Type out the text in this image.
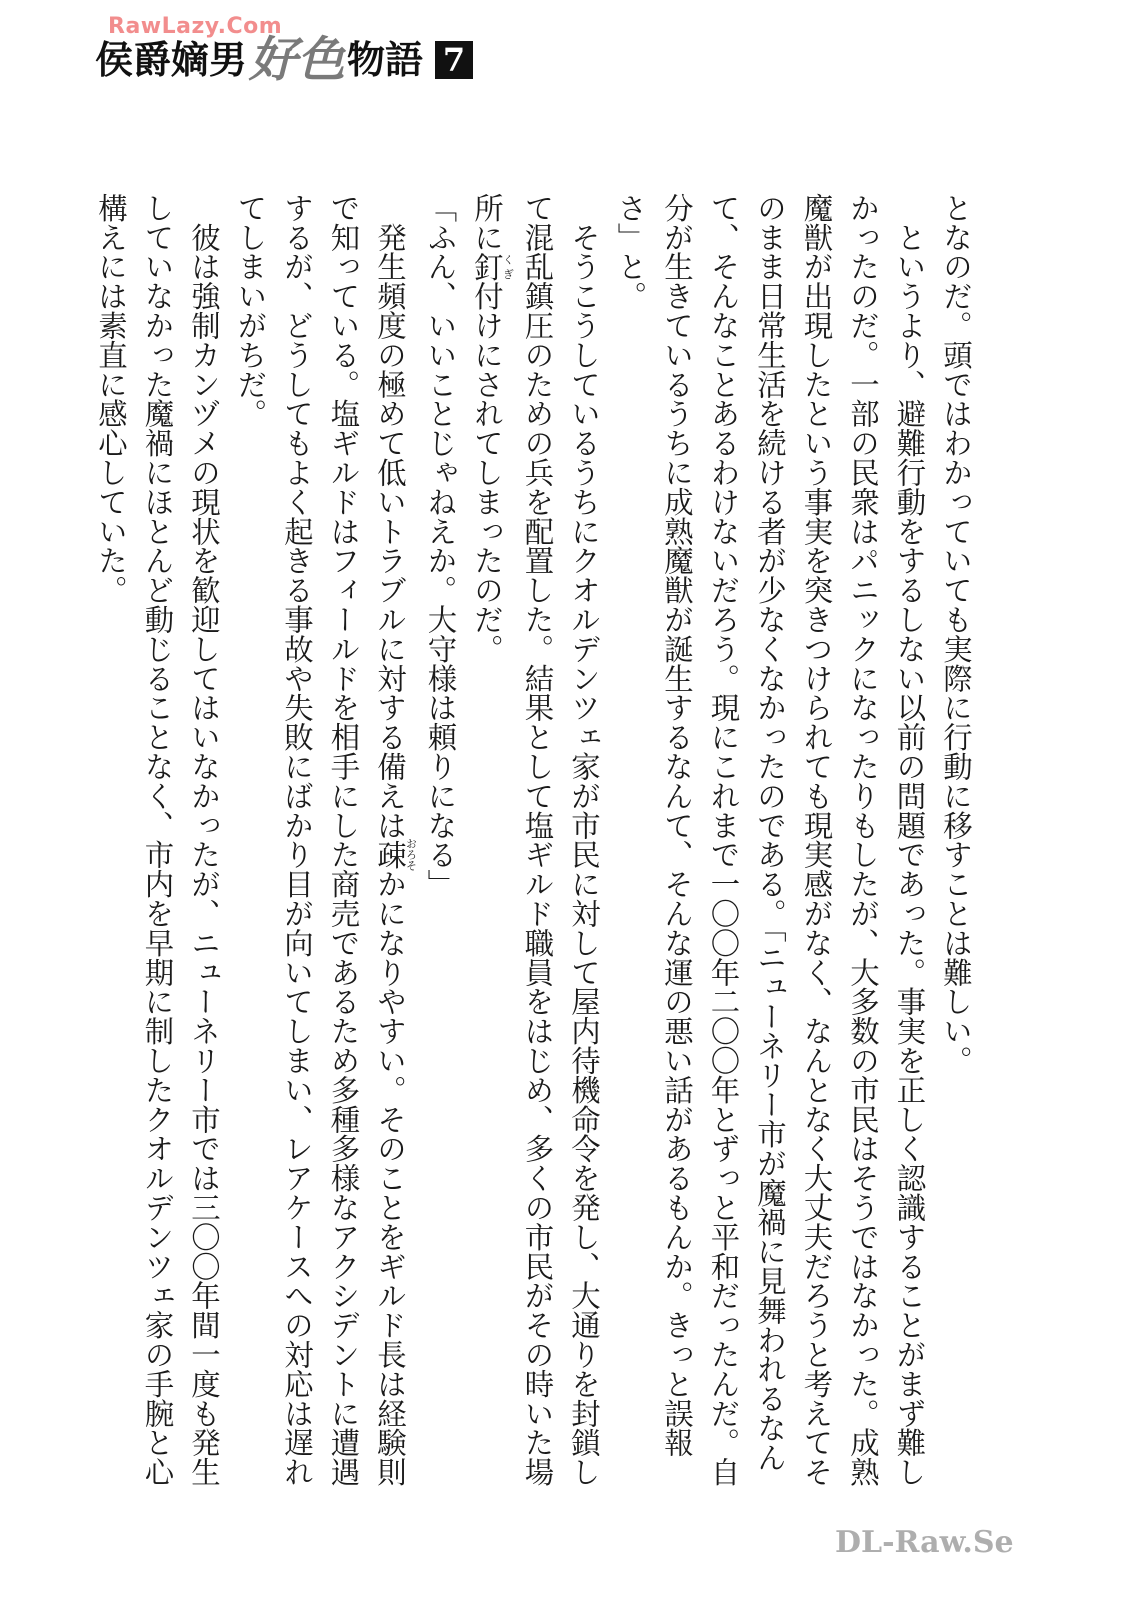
RawLazy.Com
侯爵嫡男 好色 物語 7
となのだ。頭ではわかっていても実際に行動に移すことは難しい。
　というより、避難行動をするしない以前の問題であった。事実を正しく認識することがまず難し
かったのだ。一部の民衆はパニックになったりもしたが、大多数の市民はそうではなかった。成熟
魔獣が出現したという事実を突きつけられても現実感がなく、なんとなく大丈夫だろうと考えてそ
のまま日常生活を続ける者が少なくなかったのである。「ニューネリー市が魔禍に見舞われるなん
て、そんなことあるわけないだろう。現にこれまで一〇〇年二〇〇年とずっと平和だったんだ。自
分が生きているうちに成熟魔獣が誕生するなんて、そんな運の悪い話があるもんか。きっと誤報
さ」と。
　そうこうしているうちにクオルデンツェ家が市民に対して屋内待機命令を発し、大通りを封鎖し
て混乱鎮圧のための兵を配置した。結果として塩ギルド職員をはじめ、多くの市民がその時いた場
所に釘くぎ付けにされてしまったのだ。
「ふん、いいことじゃねえか。大守様は頼りになる」
　発生頻度の極めて低いトラブルに対する備えは疎おろそかになりやすい。そのことをギルド長は経験則
で知っている。塩ギルドはフィールドを相手にした商売であるため多種多様なアクシデントに遭遇
するが、どうしてもよく起きる事故や失敗にばかり目が向いてしまい、レアケースへの対応は遅れ
てしまいがちだ。
　彼は強制カンヅメの現状を歓迎してはいなかったが、ニューネリー市では三〇〇年間一度も発生
していなかった魔禍にほとんど動じることなく、市内を早期に制したクオルデンツェ家の手腕と心
構えには素直に感心していた。
DL-Raw.Se
